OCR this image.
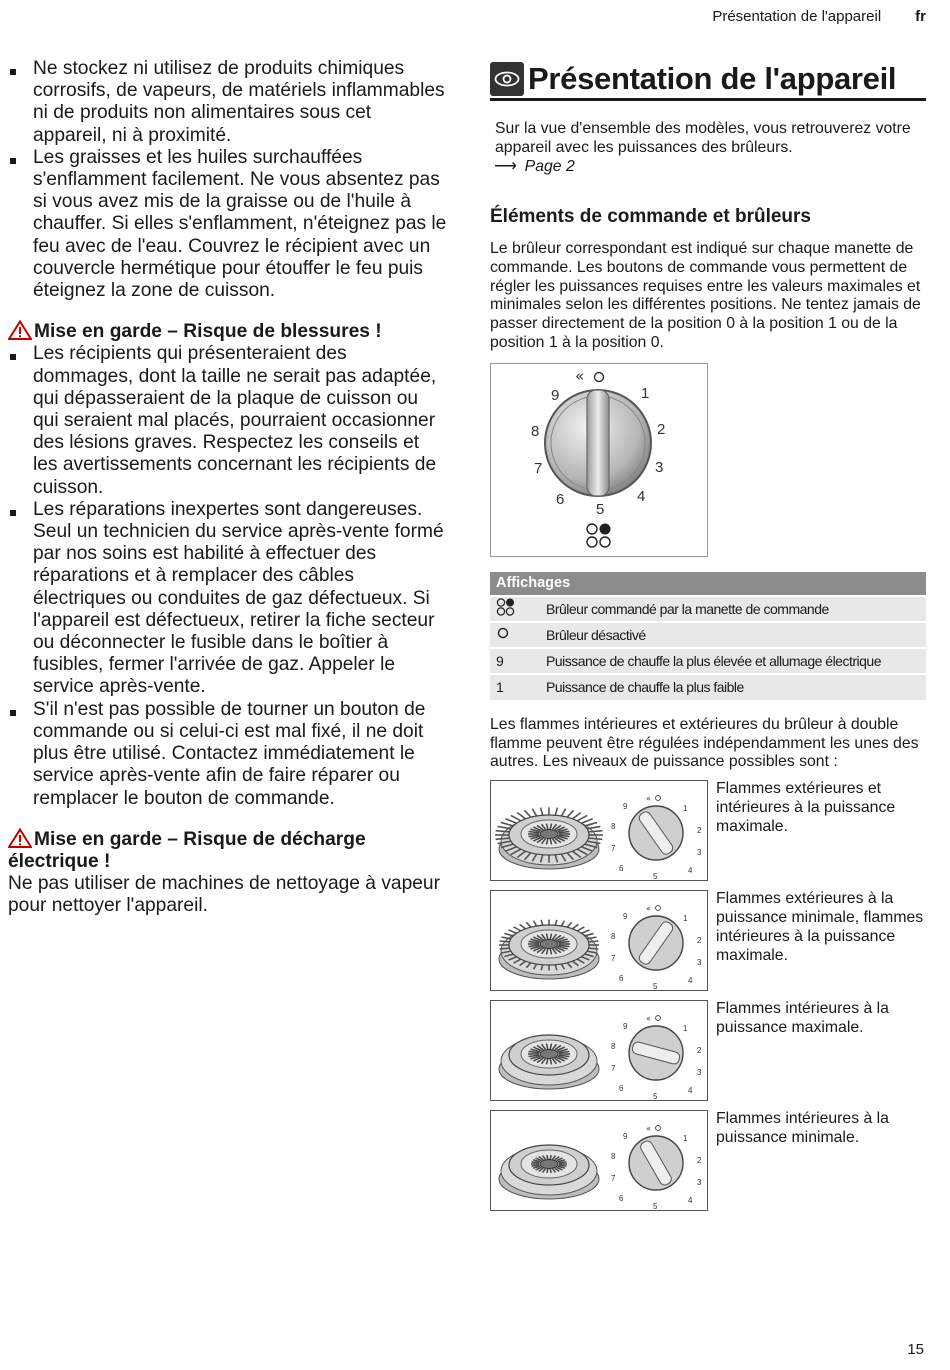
Présentation de l'appareil fr
Ne stockez ni utilisez de produits chimiques corrosifs, de vapeurs, de matériels inflammables ni de produits non alimentaires sous cet appareil, ni à proximité.
Les graisses et les huiles surchauffées s'enflamment facilement. Ne vous absentez pas si vous avez mis de la graisse ou de l'huile à chauffer. Si elles s'enflamment, n'éteignez pas le feu avec de l'eau. Couvrez le récipient avec un couvercle hermétique pour étouffer le feu puis éteignez la zone de cuisson.
Mise en garde – Risque de blessures !
Les récipients qui présenteraient des dommages, dont la taille ne serait pas adaptée, qui dépasseraient de la plaque de cuisson ou qui seraient mal placés, pourraient occasionner des lésions graves. Respectez les conseils et les avertissements concernant les récipients de cuisson.
Les réparations inexpertes sont dangereuses. Seul un technicien du service après-vente formé par nos soins est habilité à effectuer des réparations et à remplacer des câbles électriques ou conduites de gaz défectueux. Si l'appareil est défectueux, retirer la fiche secteur ou déconnecter le fusible dans le boîtier à fusibles, fermer l'arrivée de gaz. Appeler le service après-vente.
S'il n'est pas possible de tourner un bouton de commande ou si celui-ci est mal fixé, il ne doit plus être utilisé. Contactez immédiatement le service après-vente afin de faire réparer ou remplacer le bouton de commande.
Mise en garde – Risque de décharge électrique !

Ne pas utiliser de machines de nettoyage à vapeur pour nettoyer l'appareil.

Présentation de l'appareil

Sur la vue d'ensemble des modèles, vous retrouverez votre appareil avec les puissances des brûleurs.

⟶ Page 2

Éléments de commande et brûleurs

Le brûleur correspondant est indiqué sur chaque manette de commande. Les boutons de commande vous permettent de régler les puissances requises entre les valeurs maximales et minimales selon les différentes positions. Ne tentez jamais de passer directement de la position 0 à la position 1 ou de la position 1 à la position 0.

«
1
2
3
4
5
6
7
8
9
Affichages	
	Brûleur commandé par la manette de commande
	Brûleur désactivé
9	Puissance de chauffe la plus élevée et allumage électrique
1	Puissance de chauffe la plus faible

Les flammes intérieures et extérieures du brûleur à double flamme peuvent être régulées indépendamment les unes des autres. Les niveaux de puissance possibles sont :

1
2
3
4
5
6
7
8
9
«

Flammes extérieures et intérieures à la puissance maximale.

1
2
3
4
5
6
7
8
9
«

Flammes extérieures à la puissance minimale, flammes intérieures à la puissance maximale.

1
2
3
4
5
6
7
8
9
«

Flammes intérieures à la puissance maximale.

1
2
3
4
5
6
7
8
9
«

Flammes intérieures à la puissance minimale.

15
